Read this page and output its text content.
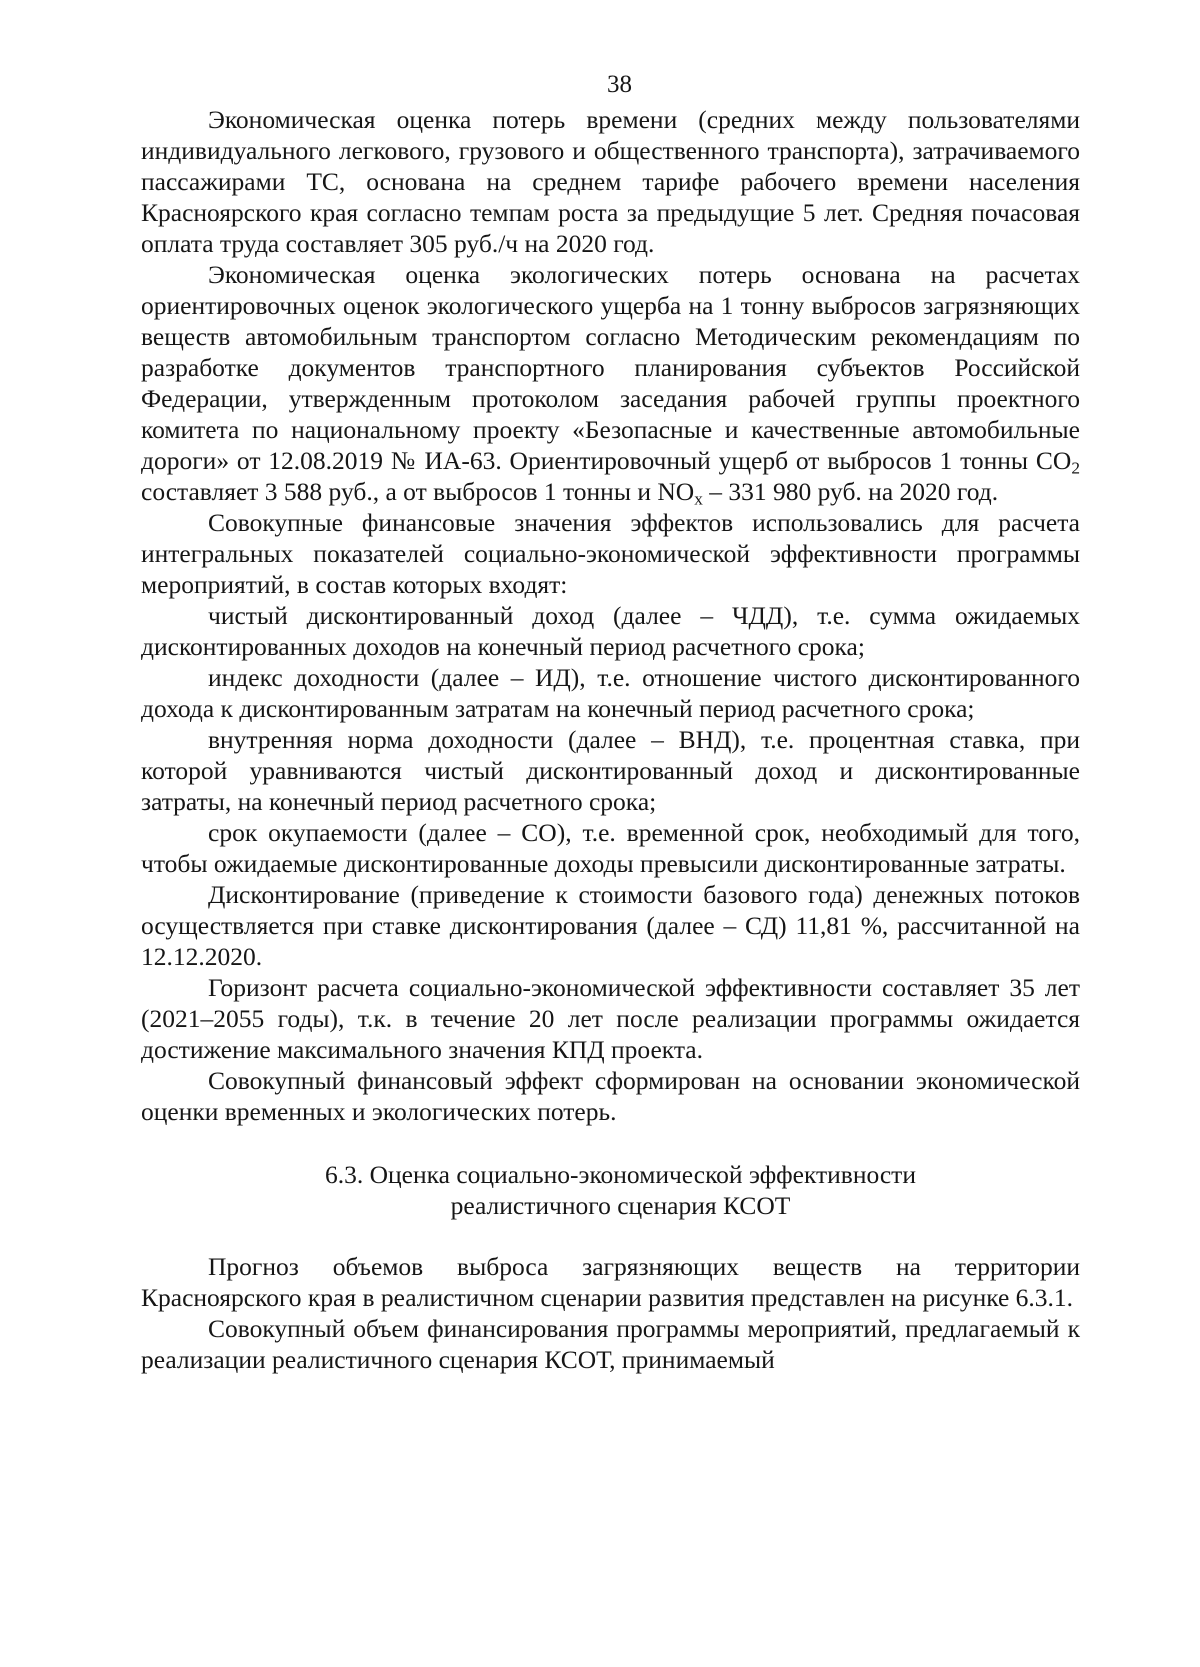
38

Экономическая оценка потерь времени (средних между пользователями индивидуального легкового, грузового и общественного транспорта), затрачиваемого пассажирами ТС, основана на среднем тарифе рабочего времени населения Красноярского края согласно темпам роста за предыдущие 5 лет. Средняя почасовая оплата труда составляет 305 руб./ч на 2020 год.

Экономическая оценка экологических потерь основана на расчетах ориентировочных оценок экологического ущерба на 1 тонну выбросов загрязняющих веществ автомобильным транспортом согласно Методическим рекомендациям по разработке документов транспортного планирования субъектов Российской Федерации, утвержденным протоколом заседания рабочей группы проектного комитета по национальному проекту «Безопасные и качественные автомобильные дороги» от 12.08.2019 № ИА-63. Ориентировочный ущерб от выбросов 1 тонны $CO_2$ составляет 3 588 руб., а от выбросов 1 тонны и $NO_x - 331$ 980 руб. на 2020 год.

Совокупные финансовые значения эффектов использовались для расчета интегральных показателей социально-экономической эффективности программы мероприятий, в состав которых входят:

чистый дисконтированный доход (далее – ЧДД), т.е. сумма ожидаемых дисконтированных доходов на конечный период расчетного срока;

индекс доходности (далее – ИД), т.е. отношение чистого дисконтированного дохода к дисконтированным затратам на конечный период расчетного срока;

внутренняя норма доходности (далее – ВНД), т.е. процентная ставка, при которой уравниваются чистый дисконтированный доход и дисконтированные затраты, на конечный период расчетного срока;

срок окупаемости (далее – СО), т.е. временной срок, необходимый для того, чтобы ожидаемые дисконтированные доходы превысили дисконтированные затраты.

Дисконтирование (приведение к стоимости базового года) денежных потоков осуществляется при ставке дисконтирования (далее – СД) 11,81 %, рассчитанной на 12.12.2020.

Горизонт расчета социально-экономической эффективности составляет 35 лет (2021–2055 годы), т.к. в течение 20 лет после реализации программы ожидается достижение максимального значения КПД проекта.

Совокупный финансовый эффект сформирован на основании экономической оценки временных и экологических потерь.

6.3. Оценка социально-экономической эффективности
реалистичного сценария КСОТ

Прогноз объемов выброса загрязняющих веществ на территории Красноярского края в реалистичном сценарии развития представлен на рисунке 6.3.1.

Совокупный объем финансирования программы мероприятий, предлагаемый к реализации реалистичного сценария КСОТ, принимаемый
